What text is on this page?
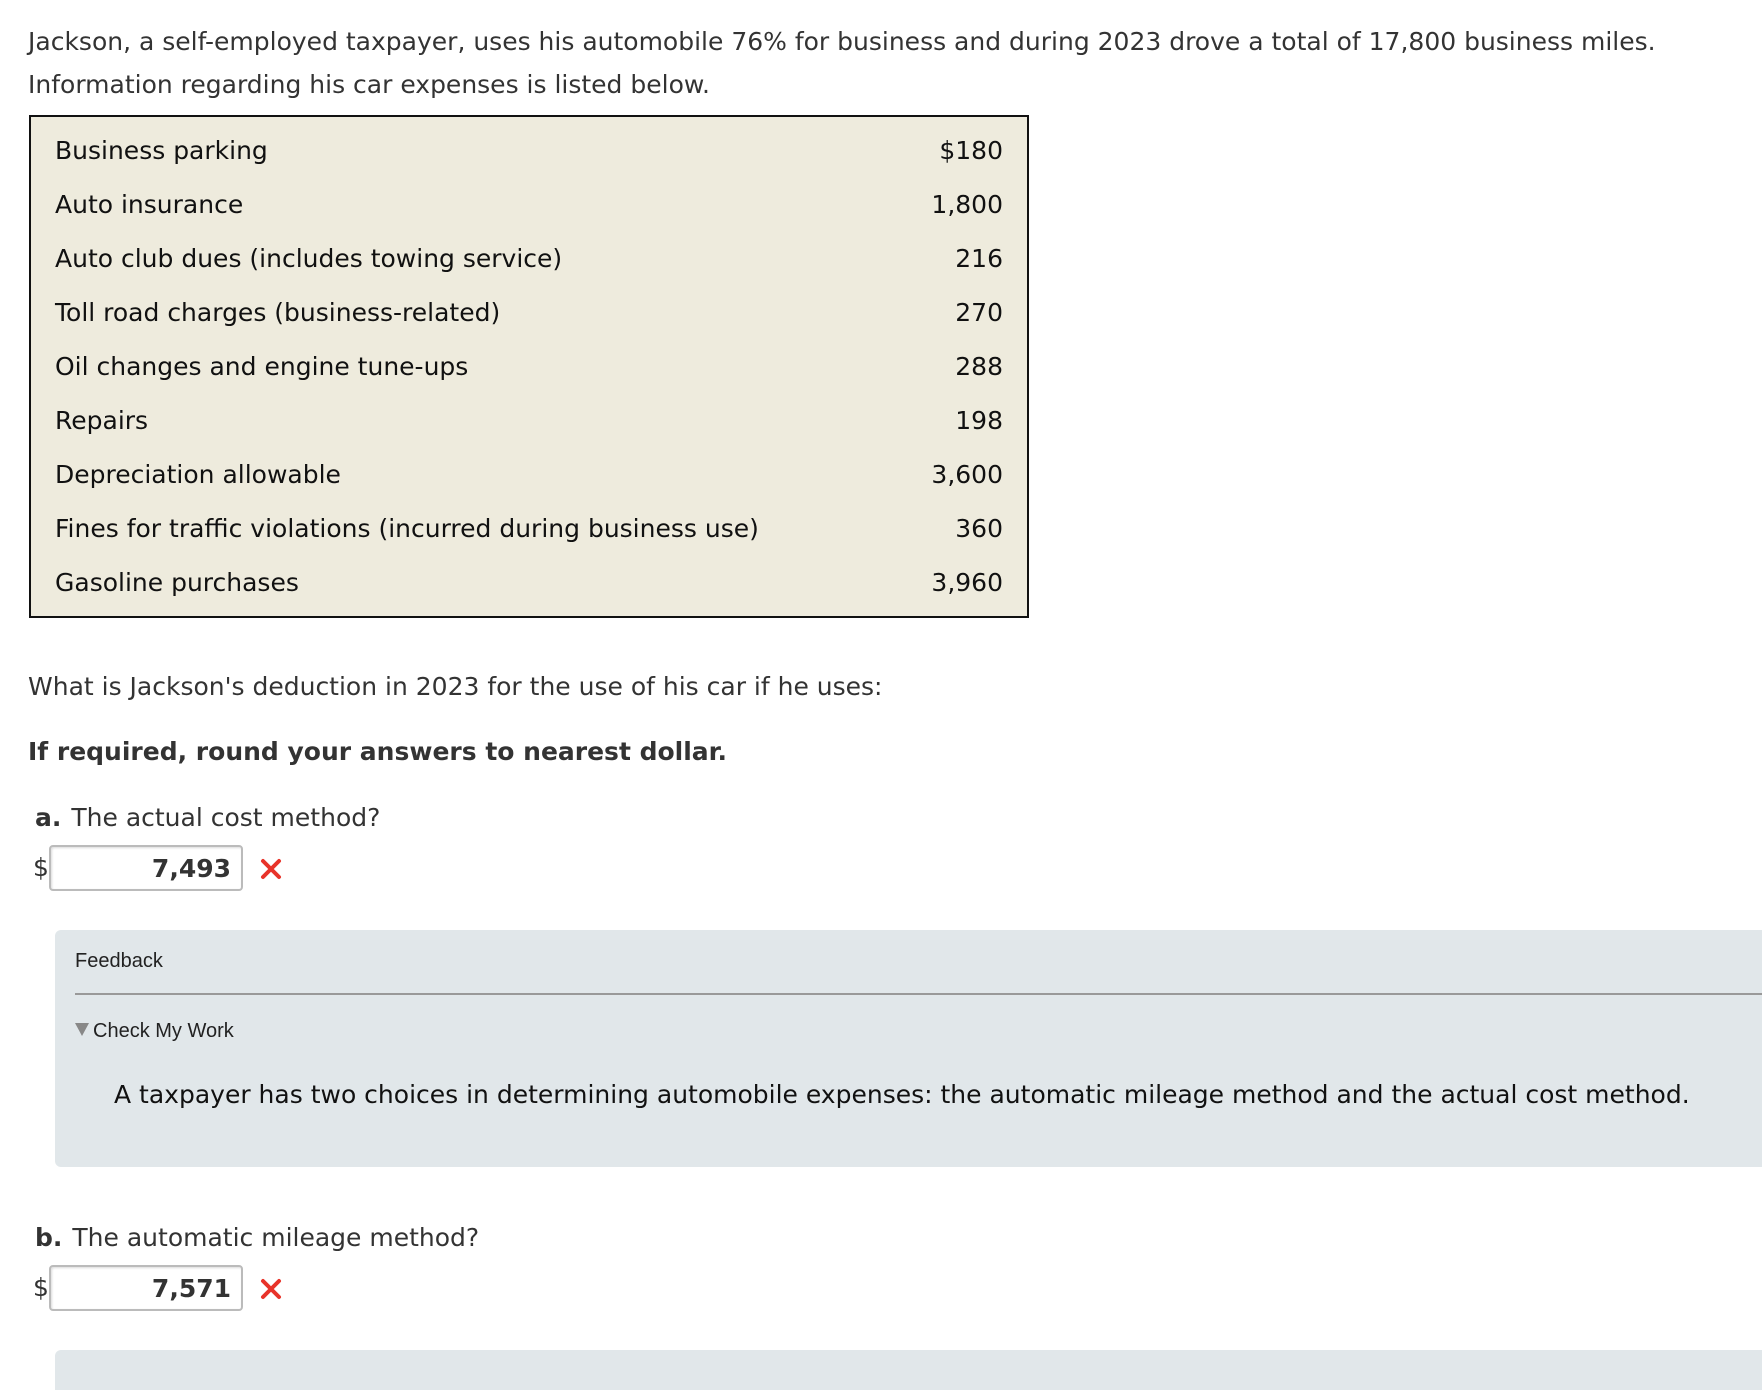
Jackson, a self-employed taxpayer, uses his automobile 76% for business and during 2023 drove a total of 17,800 business miles.
Information regarding his car expenses is listed below.
Business parking	$180
Auto insurance	1,800
Auto club dues (includes towing service)	216
Toll road charges (business-related)	270
Oil changes and engine tune-ups	288
Repairs	198
Depreciation allowable	3,600
Fines for traffic violations (incurred during business use)	360
Gasoline purchases	3,960
What is Jackson's deduction in 2023 for the use of his car if he uses:
If required, round your answers to nearest dollar.
a. The actual cost method?
$
7,493
Feedback
Check My Work
A taxpayer has two choices in determining automobile expenses: the automatic mileage method and the actual cost method.
b. The automatic mileage method?
$
7,571
